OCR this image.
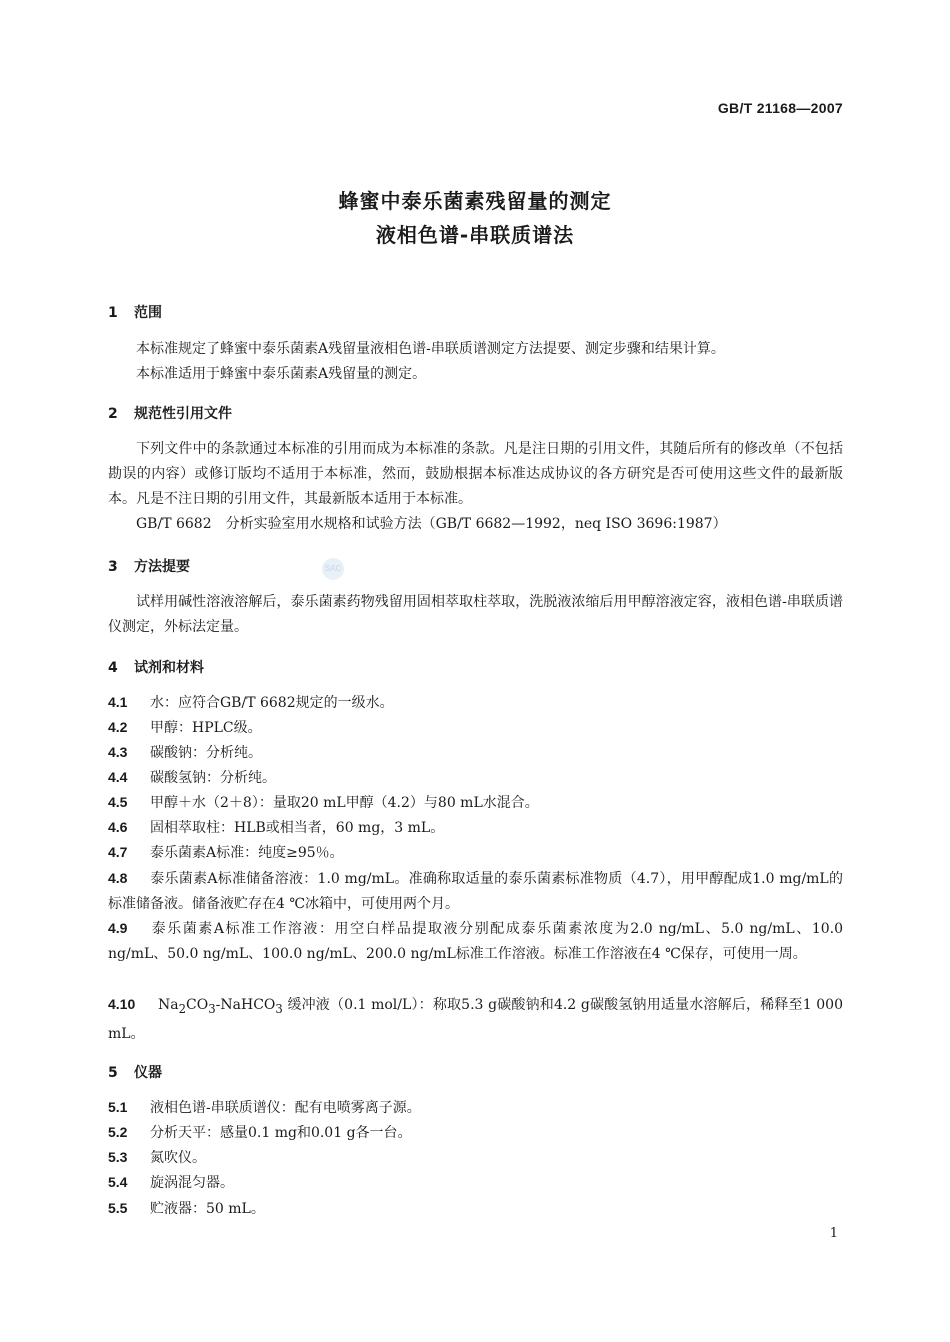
GB/T 21168—2007
蜂蜜中泰乐菌素残留量的测定
液相色谱-串联质谱法
1 范围
本标准规定了蜂蜜中泰乐菌素A残留量液相色谱-串联质谱测定方法提要、测定步骤和结果计算。
本标准适用于蜂蜜中泰乐菌素A残留量的测定。
2 规范性引用文件
下列文件中的条款通过本标准的引用而成为本标准的条款。凡是注日期的引用文件，其随后所有的修改单（不包括勘误的内容）或修订版均不适用于本标准，然而，鼓励根据本标准达成协议的各方研究是否可使用这些文件的最新版本。凡是不注日期的引用文件，其最新版本适用于本标准。
GB/T 6682　分析实验室用水规格和试验方法（GB/T 6682—1992，neq ISO 3696:1987）
SAC
3 方法提要
试样用碱性溶液溶解后，泰乐菌素药物残留用固相萃取柱萃取，洗脱液浓缩后用甲醇溶液定容，液相色谱-串联质谱仪测定，外标法定量。
4 试剂和材料
4.1 水：应符合GB/T 6682规定的一级水。
4.2 甲醇：HPLC级。
4.3 碳酸钠：分析纯。
4.4 碳酸氢钠：分析纯。
4.5 甲醇＋水（2＋8）：量取20 mL甲醇（4.2）与80 mL水混合。
4.6 固相萃取柱：HLB或相当者，60 mg，3 mL。
4.7 泰乐菌素A标准：纯度≥95％。
4.8 泰乐菌素A标准储备溶液：1.0 mg/mL。准确称取适量的泰乐菌素标准物质（4.7），用甲醇配成1.0 mg/mL的标准储备液。储备液贮存在4 ℃冰箱中，可使用两个月。
4.9 泰乐菌素A标准工作溶液：用空白样品提取液分别配成泰乐菌素浓度为2.0 ng/mL、5.0 ng/mL、10.0 ng/mL、50.0 ng/mL、100.0 ng/mL、200.0 ng/mL标准工作溶液。标准工作溶液在4 ℃保存，可使用一周。
4.10 $Na_2CO_3-NaHCO_3$ 缓冲液（0.1 mol/L）：称取5.3 g碳酸钠和4.2 g碳酸氢钠用适量水溶解后，稀释至1 000 mL。
5 仪器
5.1 液相色谱-串联质谱仪：配有电喷雾离子源。
5.2 分析天平：感量0.1 mg和0.01 g各一台。
5.3 氮吹仪。
5.4 旋涡混匀器。
5.5 贮液器：50 mL。
1
